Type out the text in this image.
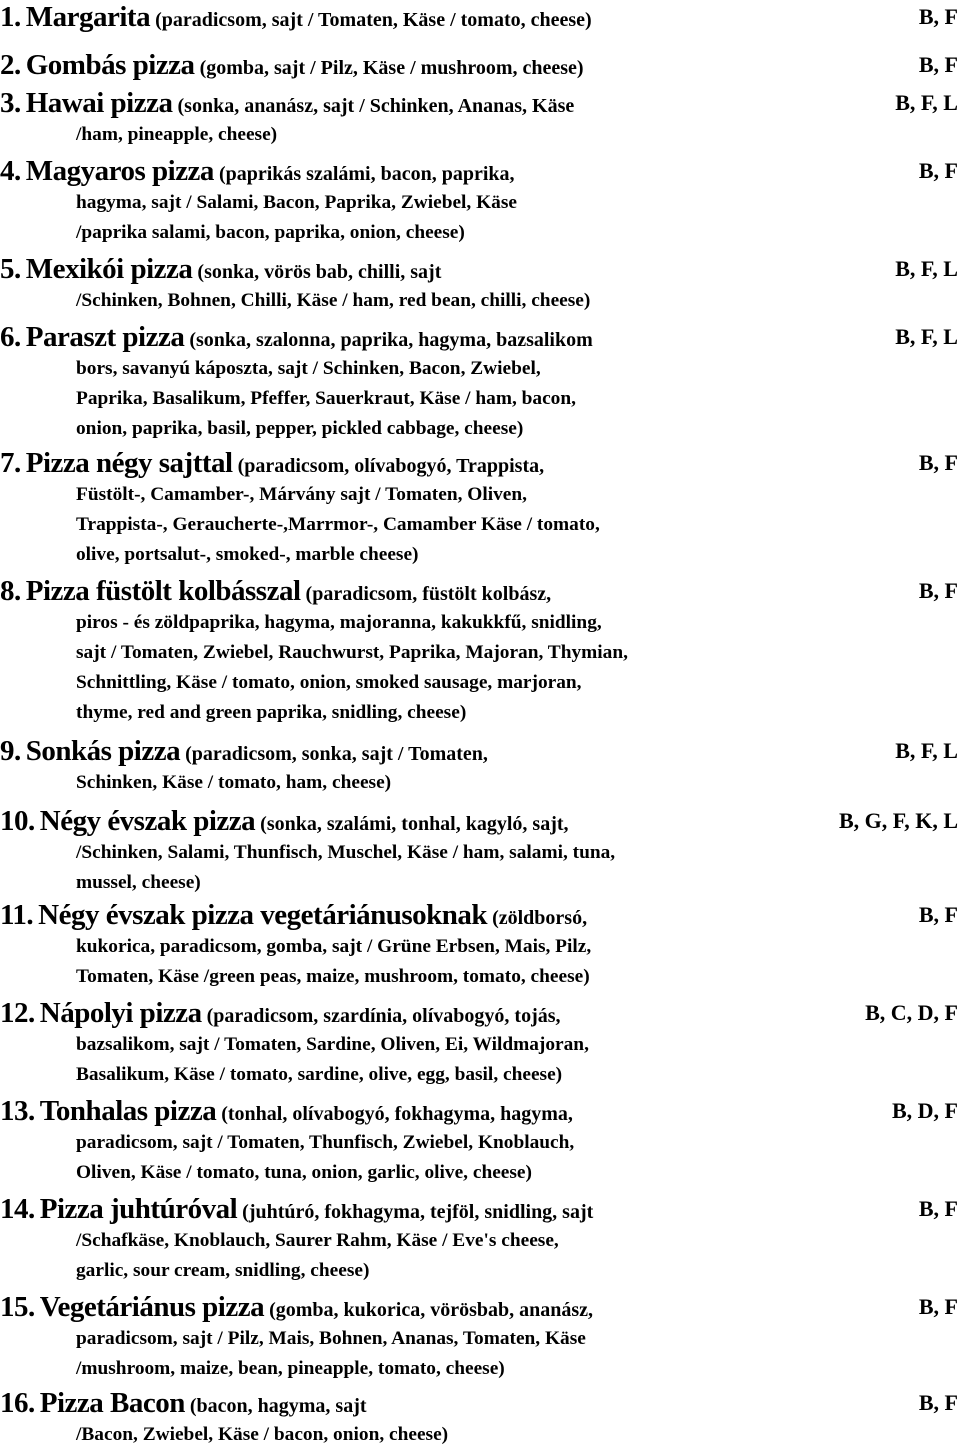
1. Margarita (paradicsom, sajt / Tomaten, Käse / tomato, cheese)	B, F
2. Gombás pizza (gomba, sajt / Pilz, Käse / mushroom, cheese)	B, F
3. Hawai pizza (sonka, ananász, sajt / Schinken, Ananas, Käse	B, F, L
/ham, pineapple, cheese)
4. Magyaros pizza (paprikás szalámi, bacon, paprika,	B, F
hagyma, sajt / Salami, Bacon, Paprika, Zwiebel, Käse
/paprika salami, bacon, paprika, onion, cheese)
5. Mexikói pizza (sonka, vörös bab, chilli, sajt	B, F, L
/Schinken, Bohnen, Chilli, Käse / ham, red bean, chilli, cheese)
6. Paraszt pizza (sonka, szalonna, paprika, hagyma, bazsalikom	B, F, L
bors, savanyú káposzta, sajt / Schinken, Bacon, Zwiebel,
Paprika, Basalikum, Pfeffer, Sauerkraut, Käse / ham, bacon,
onion, paprika, basil, pepper, pickled cabbage, cheese)
7. Pizza négy sajttal (paradicsom, olívabogyó, Trappista,	B, F
Füstölt-, Camamber-, Márvány sajt / Tomaten, Oliven,
Trappista-, Geraucherte-,Marrmor-, Camamber Käse / tomato,
olive, portsalut-, smoked-, marble cheese)
8. Pizza füstölt kolbásszal (paradicsom, füstölt kolbász,	B, F
piros - és zöldpaprika, hagyma, majoranna, kakukkfű, snidling,
sajt / Tomaten, Zwiebel, Rauchwurst, Paprika, Majoran, Thymian,
Schnittling, Käse / tomato, onion, smoked sausage, marjoran,
thyme, red and green paprika, snidling, cheese)
9. Sonkás pizza (paradicsom, sonka, sajt / Tomaten,	B, F, L
Schinken, Käse / tomato, ham, cheese)
10. Négy évszak pizza (sonka, szalámi, tonhal, kagyló, sajt,	B, G, F, K, L
/Schinken, Salami, Thunfisch, Muschel, Käse / ham, salami, tuna,
mussel, cheese)
11. Négy évszak pizza vegetáriánusoknak (zöldborsó,	B, F
kukorica, paradicsom, gomba, sajt / Grüne Erbsen, Mais, Pilz,
Tomaten, Käse /green peas, maize, mushroom, tomato, cheese)
12. Nápolyi pizza (paradicsom, szardínia, olívabogyó, tojás,	B, C, D, F
bazsalikom, sajt / Tomaten, Sardine, Oliven, Ei, Wildmajoran,
Basalikum, Käse / tomato, sardine, olive, egg, basil, cheese)
13. Tonhalas pizza (tonhal, olívabogyó, fokhagyma, hagyma,	B, D, F
paradicsom, sajt / Tomaten, Thunfisch, Zwiebel, Knoblauch,
Oliven, Käse / tomato, tuna, onion, garlic, olive, cheese)
14. Pizza juhtúróval (juhtúró, fokhagyma, tejföl, snidling, sajt	B, F
/Schafkäse, Knoblauch, Saurer Rahm, Käse / Eve's cheese,
garlic, sour cream, snidling, cheese)
15. Vegetáriánus pizza (gomba, kukorica, vörösbab, ananász,	B, F
paradicsom, sajt / Pilz, Mais, Bohnen, Ananas, Tomaten, Käse
/mushroom, maize, bean, pineapple, tomato, cheese)
16. Pizza Bacon (bacon, hagyma, sajt	B, F
/Bacon, Zwiebel, Käse / bacon, onion, cheese)
